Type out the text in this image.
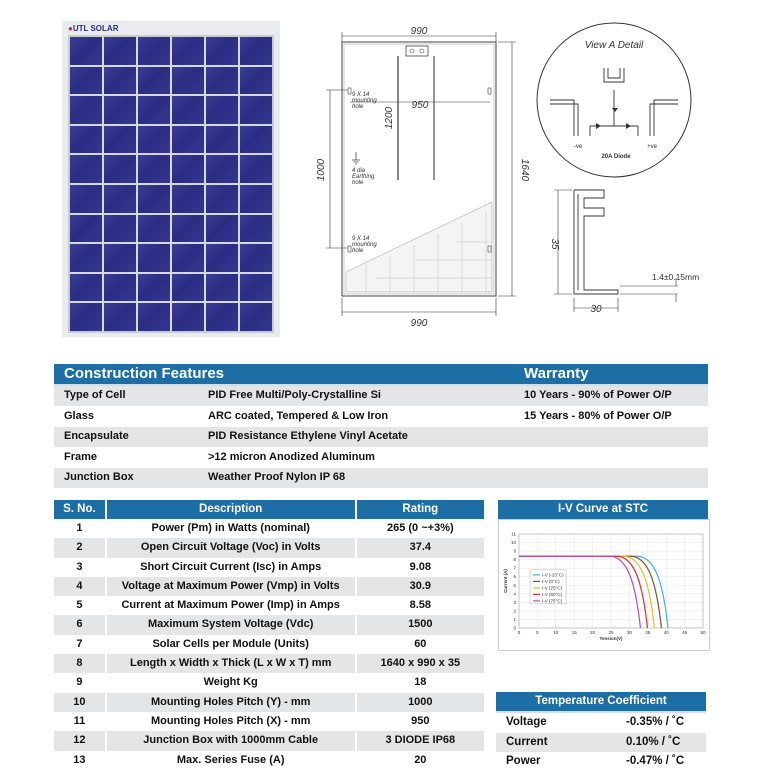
●UTL SOLAR	990
990
950
1640
1000
1200
9 X 14 mounting hole
9 X 14 mounting hole
4 dia Earthing hole
View A Detail
-ve	+ve
20A Diode
35
30
1.4±0.15mm
Construction Features	Warranty
Type of Cell	PID Free Multi/Poly-Crystalline Si	10 Years - 90% of Power O/P
Glass	ARC coated, Tempered & Low Iron	15 Years - 80% of Power O/P
Encapsulate	PID Resistance Ethylene Vinyl Acetate
Frame	>12 micron Anodized Aluminum
Junction Box	Weather Proof Nylon IP 68
S. No.	Description	Rating
1	Power (Pm) in Watts (nominal)	265 (0 ~+3%)
2	Open Circuit Voltage (Voc) in Volts	37.4
3	Short Circuit Current (Isc) in Amps	9.08
4	Voltage at Maximum Power (Vmp) in Volts	30.9
5	Current at Maximum Power (Imp) in Amps	8.58
6	Maximum System Voltage (Vdc)	1500
7	Solar Cells per Module (Units)	60
8	Length x Width x Thick (L x W x T) mm	1640 x 990 x 35
9	Weight Kg	18
10	Mounting Holes Pitch (Y) - mm	1000
11	Mounting Holes Pitch (X) - mm	950
12	Junction Box with 1000mm Cable	3 DIODE IP68
13	Max. Series Fuse (A)	20
I-V Curve at STC
0	5	10	15	20	25	30	35	40	45	50
0
1
2
3
4
5
6
7
8
9
10
11
Tension(V)
Current (A)	I-V (-25°C)
I-V (0°C)
I-V (25°C)
I-V (50°C)
I-V (75°C)
Temperature Coefficient
Voltage	-0.35% / ˚C
Current	0.10% / ˚C
Power	-0.47% / ˚C
